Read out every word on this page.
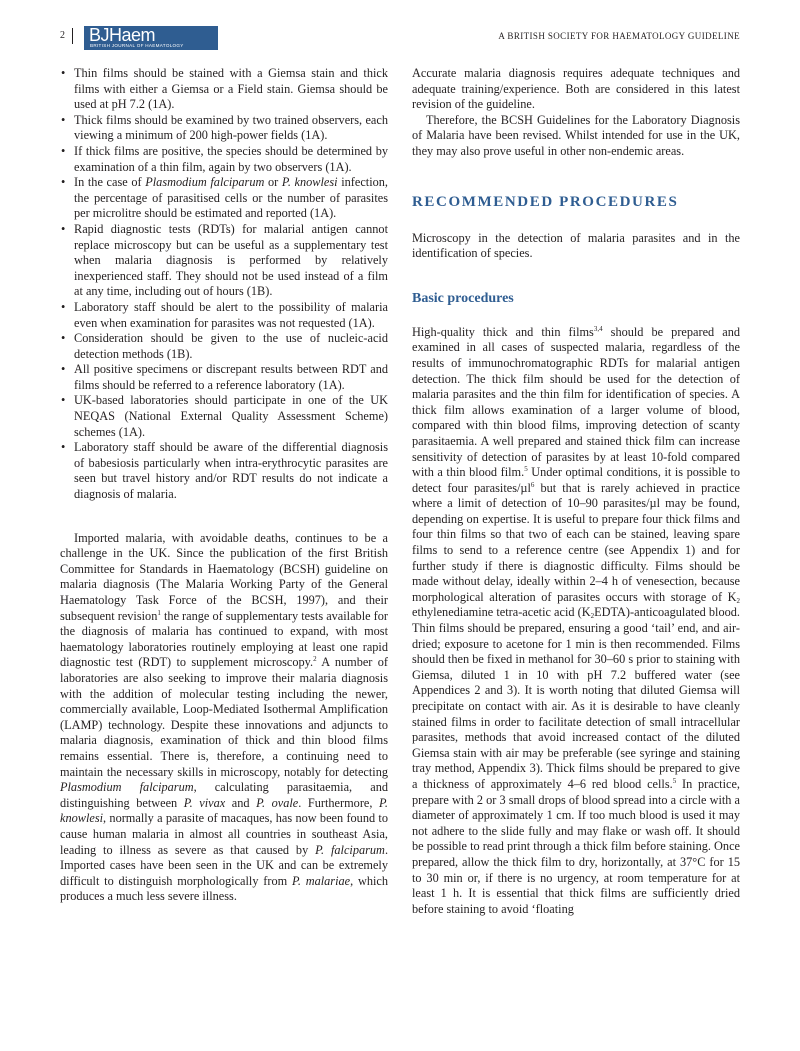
2 BJHaem
BRITISH JOURNAL OF HAEMATOLOGY
A BRITISH SOCIETY FOR HAEMATOLOGY GUIDELINE
• Thin films should be stained with a Giemsa stain and thick films with either a Giemsa or a Field stain. Giemsa should be used at pH 7.2 (1A).
• Thick films should be examined by two trained observers, each viewing a minimum of 200 high-power fields (1A).
• If thick films are positive, the species should be determined by examination of a thin film, again by two observers (1A).
• In the case of Plasmodium falciparum or P. knowlesi infection, the percentage of parasitised cells or the number of parasites per microlitre should be estimated and reported (1A).
• Rapid diagnostic tests (RDTs) for malarial antigen cannot replace microscopy but can be useful as a supplementary test when malaria diagnosis is performed by relatively inexperienced staff. They should not be used instead of a film at any time, including out of hours (1B).
• Laboratory staff should be alert to the possibility of malaria even when examination for parasites was not requested (1A).
• Consideration should be given to the use of nucleic-acid detection methods (1B).
• All positive specimens or discrepant results between RDT and films should be referred to a reference laboratory (1A).
• UK-based laboratories should participate in one of the UK NEQAS (National External Quality Assessment Scheme) schemes (1A).
• Laboratory staff should be aware of the differential diagnosis of babesiosis particularly when intra-erythrocytic parasites are seen but travel history and/or RDT results do not indicate a diagnosis of malaria.

Imported malaria, with avoidable deaths, continues to be a challenge in the UK. Since the publication of the first British Committee for Standards in Haematology (BCSH) guideline on malaria diagnosis (The Malaria Working Party of the General Haematology Task Force of the BCSH, 1997), and their subsequent revision$^1$ the range of supplementary tests available for the diagnosis of malaria has continued to expand, with most haematology laboratories routinely employing at least one rapid diagnostic test (RDT) to supplement microscopy.$^2$ A number of laboratories are also seeking to improve their malaria diagnosis with the addition of molecular testing including the newer, commercially available, Loop-Mediated Isothermal Amplification (LAMP) technology. Despite these innovations and adjuncts to malaria diagnosis, examination of thick and thin blood films remains essential. There is, therefore, a continuing need to maintain the necessary skills in microscopy, notably for detecting Plasmodium falciparum, calculating parasitaemia, and distinguishing between P. vivax and P. ovale. Furthermore, P. knowlesi, normally a parasite of macaques, has now been found to cause human malaria in almost all countries in southeast Asia, leading to illness as severe as that caused by P. falciparum. Imported cases have been seen in the UK and can be extremely difficult to distinguish morphologically from P. malariae, which produces a much less severe illness.

Accurate malaria diagnosis requires adequate techniques and adequate training/experience. Both are considered in this latest revision of the guideline.

Therefore, the BCSH Guidelines for the Laboratory Diagnosis of Malaria have been revised. Whilst intended for use in the UK, they may also prove useful in other non-endemic areas.

RECOMMENDED PROCEDURES

Microscopy in the detection of malaria parasites and in the identification of species.

Basic procedures

High-quality thick and thin films$^{3,4}$ should be prepared and examined in all cases of suspected malaria, regardless of the results of immunochromatographic RDTs for malarial antigen detection. The thick film should be used for the detection of malaria parasites and the thin film for identification of species. A thick film allows examination of a larger volume of blood, compared with thin blood films, improving detection of scanty parasitaemia. A well prepared and stained thick film can increase sensitivity of detection of parasites by at least 10-fold compared with a thin blood film.$^5$ Under optimal conditions, it is possible to detect four parasites/µl$^6$ but that is rarely achieved in practice where a limit of detection of 10–90 parasites/µl may be found, depending on expertise. It is useful to prepare four thick films and four thin films so that two of each can be stained, leaving spare films to send to a reference centre (see Appendix 1) and for further study if there is diagnostic difficulty. Films should be made without delay, ideally within 2–4 h of venesection, because morphological alteration of parasites occurs with storage of $K_2$ ethylenediamine tetra-acetic acid $(K_2EDTA)$-anticoagulated blood. Thin films should be prepared, ensuring a good ‘tail’ end, and air-dried; exposure to acetone for 1 min is then recommended. Films should then be fixed in methanol for 30–60 s prior to staining with Giemsa, diluted 1 in 10 with pH 7.2 buffered water (see Appendices 2 and 3). It is worth noting that diluted Giemsa will precipitate on contact with air. As it is desirable to have cleanly stained films in order to facilitate detection of small intracellular parasites, methods that avoid increased contact of the diluted Giemsa stain with air may be preferable (see syringe and staining tray method, Appendix 3). Thick films should be prepared to give a thickness of approximately 4–6 red blood cells.$^5$ In practice, prepare with 2 or 3 small drops of blood spread into a circle with a diameter of approximately 1 cm. If too much blood is used it may not adhere to the slide fully and may flake or wash off. It should be possible to read print through a thick film before staining. Once prepared, allow the thick film to dry, horizontally, at 37°C for 15 to 30 min or, if there is no urgency, at room temperature for at least 1 h. It is essential that thick films are sufficiently dried before staining to avoid ‘floating
